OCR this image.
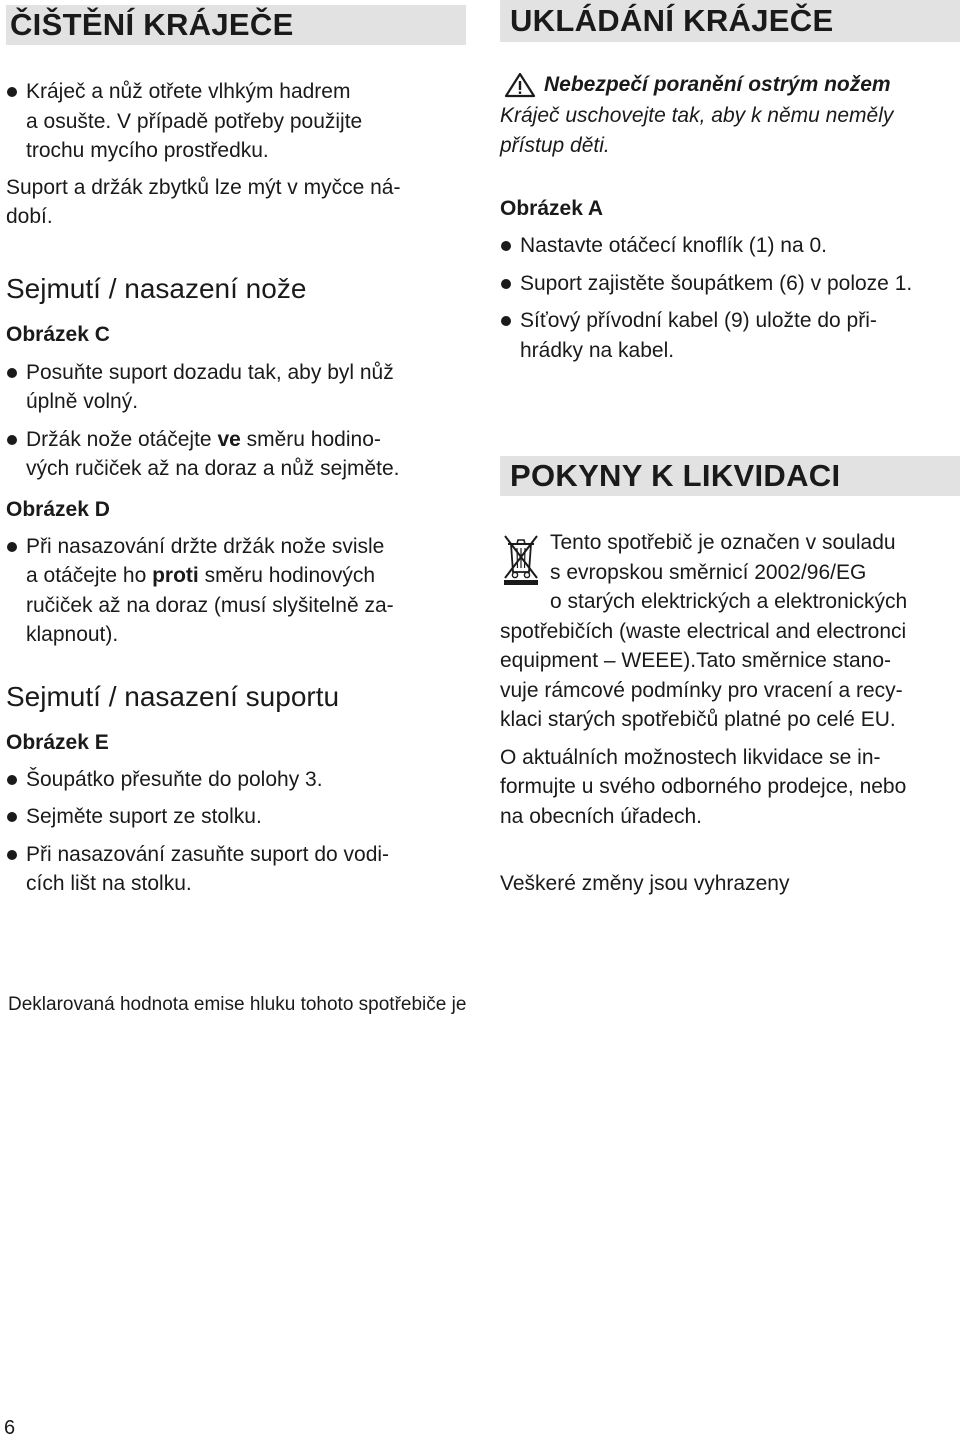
ČIŠTĚNÍ KRÁJEČE
Kráječ a nůž otřete vlhkým hadrem
a osušte. V případě potřeby použijte
trochu mycího prostředku.

Suport a držák zbytků lze mýt v myčce ná-
dobí.

Sejmutí / nasazení nože
Obrázek C
Posuňte suport dozadu tak, aby byl nůž
úplně volný.
Držák nože otáčejte ve směru hodino-
vých ručiček až na doraz a nůž sejměte.
Obrázek D
Při nasazování držte držák nože svisle
a otáčejte ho proti směru hodinových
ručiček až na doraz (musí slyšitelně za-
klapnout).
Sejmutí / nasazení suportu
Obrázek E
Šoupátko přesuňte do polohy 3.
Sejměte suport ze stolku.
Při nasazování zasuňte suport do vodi-
cích lišt na stolku.
UKLÁDÁNÍ KRÁJEČE
Nebezpečí poranění ostrým nožem

Kráječ uschovejte tak, aby k němu neměly
přístup děti.

Obrázek A
Nastavte otáčecí knoflík (1) na 0.
Suport zajistěte šoupátkem (6) v poloze 1.
Síťový přívodní kabel (9) uložte do při-
hrádky na kabel.
POKYNY K LIKVIDACI

Tento spotřebič je označen v souladu
s evropskou směrnicí 2002/96/EG
o starých elektrických a elektronických

spotřebičích (waste electrical and electronci
equipment – WEEE).Tato směrnice stano-
vuje rámcové podmínky pro vracení a recy-
klaci starých spotřebičů platné po celé EU.

O aktuálních možnostech likvidace se in-
formujte u svého odborného prodejce, nebo
na obecních úřadech.

Veškeré změny jsou vyhrazeny

Deklarovaná hodnota emise hluku tohoto spotřebiče je
6
